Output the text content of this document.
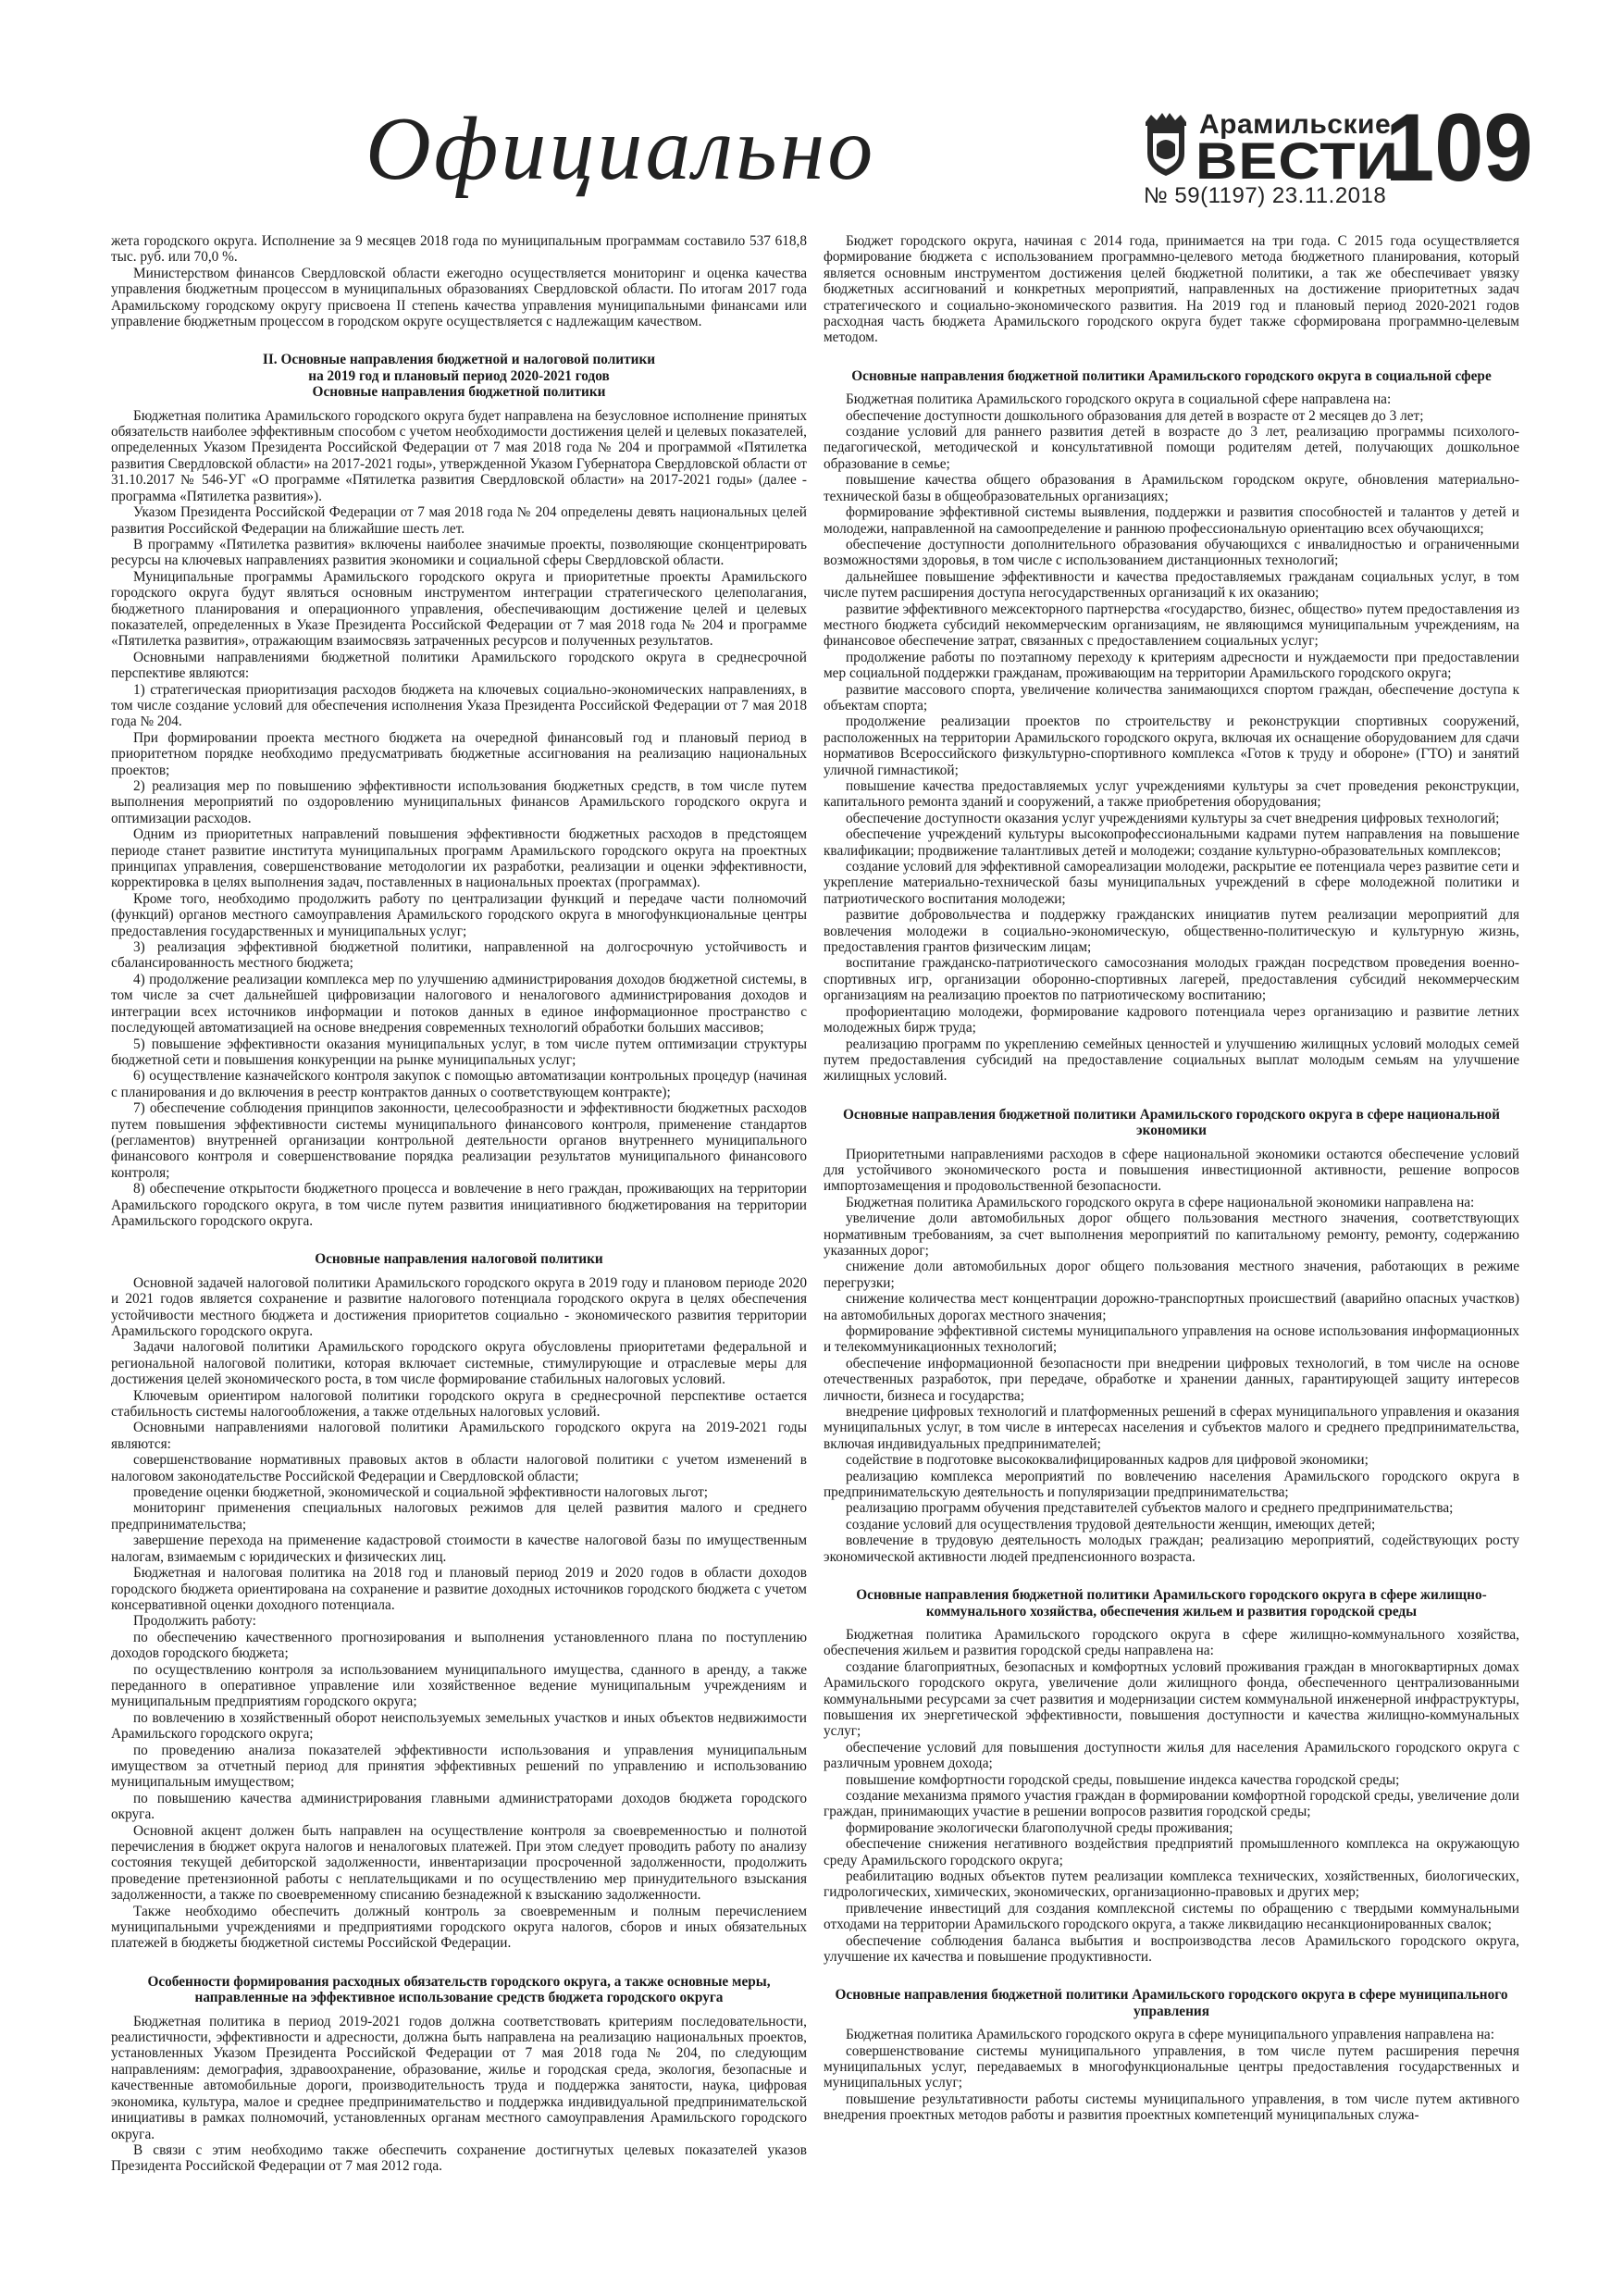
Официально	Арамильские
ВЕСТИ
109
№ 59(1197) 23.11.2018

жета городского округа. Исполнение за 9 месяцев 2018 года по муниципальным программам составило 537 618,8 тыс. руб. или 70,0 %.

Министерством финансов Свердловской области ежегодно осуществляется мониторинг и оценка качества управления бюджетным процессом в муниципальных образованиях Свердловской области. По итогам 2017 года Арамильскому городскому округу присвоена II степень качества управления муниципальными финансами или управление бюджетным процессом в городском округе осуществляется с надлежащим качеством.

II. Основные направления бюджетной и налоговой политики
на 2019 год и плановый период 2020-2021 годов
Основные направления бюджетной политики

Бюджетная политика Арамильского городского округа будет направлена на безусловное исполнение принятых обязательств наиболее эффективным способом с учетом необходимости достижения целей и целевых показателей, определенных Указом Президента Российской Федерации от 7 мая 2018 года № 204 и программой «Пятилетка развития Свердловской области» на 2017-2021 годы», утвержденной Указом Губернатора Свердловской области от 31.10.2017 № 546-УГ «О программе «Пятилетка развития Свердловской области» на 2017-2021 годы» (далее - программа «Пятилетка развития»).

Указом Президента Российской Федерации от 7 мая 2018 года № 204 определены девять национальных целей развития Российской Федерации на ближайшие шесть лет.

В программу «Пятилетка развития» включены наиболее значимые проекты, позволяющие сконцентрировать ресурсы на ключевых направлениях развития экономики и социальной сферы Свердловской области.

Муниципальные программы Арамильского городского округа и приоритетные проекты Арамильского городского округа будут являться основным инструментом интеграции стратегического целеполагания, бюджетного планирования и операционного управления, обеспечивающим достижение целей и целевых показателей, определенных в Указе Президента Российской Федерации от 7 мая 2018 года № 204 и программе «Пятилетка развития», отражающим взаимосвязь затраченных ресурсов и полученных результатов.

Основными направлениями бюджетной политики Арамильского городского округа в среднесрочной перспективе являются:

1) стратегическая приоритизация расходов бюджета на ключевых социально-экономических направлениях, в том числе создание условий для обеспечения исполнения Указа Президента Российской Федерации от 7 мая 2018 года № 204.

При формировании проекта местного бюджета на очередной финансовый год и плановый период в приоритетном порядке необходимо предусматривать бюджетные ассигнования на реализацию национальных проектов;

2) реализация мер по повышению эффективности использования бюджетных средств, в том числе путем выполнения мероприятий по оздоровлению муниципальных финансов Арамильского городского округа и оптимизации расходов.

Одним из приоритетных направлений повышения эффективности бюджетных расходов в предстоящем периоде станет развитие института муниципальных программ Арамильского городского округа на проектных принципах управления, совершенствование методологии их разработки, реализации и оценки эффективности, корректировка в целях выполнения задач, поставленных в национальных проектах (программах).

Кроме того, необходимо продолжить работу по централизации функций и передаче части полномочий (функций) органов местного самоуправления Арамильского городского округа в многофункциональные центры предоставления государственных и муниципальных услуг;

3) реализация эффективной бюджетной политики, направленной на долгосрочную устойчивость и сбалансированность местного бюджета;

4) продолжение реализации комплекса мер по улучшению администрирования доходов бюджетной системы, в том числе за счет дальнейшей цифровизации налогового и неналогового администрирования доходов и интеграции всех источников информации и потоков данных в единое информационное пространство с последующей автоматизацией на основе внедрения современных технологий обработки больших массивов;

5) повышение эффективности оказания муниципальных услуг, в том числе путем оптимизации структуры бюджетной сети и повышения конкуренции на рынке муниципальных услуг;

6) осуществление казначейского контроля закупок с помощью автоматизации контрольных процедур (начиная с планирования и до включения в реестр контрактов данных о соответствующем контракте);

7) обеспечение соблюдения принципов законности, целесообразности и эффективности бюджетных расходов путем повышения эффективности системы муниципального финансового контроля, применение стандартов (регламентов) внутренней организации контрольной деятельности органов внутреннего муниципального финансового контроля и совершенствование порядка реализации результатов муниципального финансового контроля;

8) обеспечение открытости бюджетного процесса и вовлечение в него граждан, проживающих на территории Арамильского городского округа, в том числе путем развития инициативного бюджетирования на территории Арамильского городского округа.

Основные направления налоговой политики

Основной задачей налоговой политики Арамильского городского округа в 2019 году и плановом периоде 2020 и 2021 годов является сохранение и развитие налогового потенциала городского округа в целях обеспечения устойчивости местного бюджета и достижения приоритетов социально - экономического развития территории Арамильского городского округа.

Задачи налоговой политики Арамильского городского округа обусловлены приоритетами федеральной и региональной налоговой политики, которая включает системные, стимулирующие и отраслевые меры для достижения целей экономического роста, в том числе формирование стабильных налоговых условий.

Ключевым ориентиром налоговой политики городского округа в среднесрочной перспективе остается стабильность системы налогообложения, а также отдельных налоговых условий.

Основными направлениями налоговой политики Арамильского городского округа на 2019-2021 годы являются:

совершенствование нормативных правовых актов в области налоговой политики с учетом изменений в налоговом законодательстве Российской Федерации и Свердловской области;

проведение оценки бюджетной, экономической и социальной эффективности налоговых льгот;

мониторинг применения специальных налоговых режимов для целей развития малого и среднего предпринимательства;

завершение перехода на применение кадастровой стоимости в качестве налоговой базы по имущественным налогам, взимаемым с юридических и физических лиц.

Бюджетная и налоговая политика на 2018 год и плановый период 2019 и 2020 годов в области доходов городского бюджета ориентирована на сохранение и развитие доходных источников городского бюджета с учетом консервативной оценки доходного потенциала.

Продолжить работу:

по обеспечению качественного прогнозирования и выполнения установленного плана по поступлению доходов городского бюджета;

по осуществлению контроля за использованием муниципального имущества, сданного в аренду, а также переданного в оперативное управление или хозяйственное ведение муниципальным учреждениям и муниципальным предприятиям городского округа;

по вовлечению в хозяйственный оборот неиспользуемых земельных участков и иных объектов недвижимости Арамильского городского округа;

по проведению анализа показателей эффективности использования и управления муниципальным имуществом за отчетный период для принятия эффективных решений по управлению и использованию муниципальным имуществом;

по повышению качества администрирования главными администраторами доходов бюджета городского округа.

Основной акцент должен быть направлен на осуществление контроля за своевременностью и полнотой перечисления в бюджет округа налогов и неналоговых платежей. При этом следует проводить работу по анализу состояния текущей дебиторской задолженности, инвентаризации просроченной задолженности, продолжить проведение претензионной работы с неплательщиками и по осуществлению мер принудительного взыскания задолженности, а также по своевременному списанию безнадежной к взысканию задолженности.

Также необходимо обеспечить должный контроль за своевременным и полным перечислением муниципальными учреждениями и предприятиями городского округа налогов, сборов и иных обязательных платежей в бюджеты бюджетной системы Российской Федерации.

Особенности формирования расходных обязательств городского округа, а также основные меры, направленные на эффективное использование средств бюджета городского округа

Бюджетная политика в период 2019-2021 годов должна соответствовать критериям последовательности, реалистичности, эффективности и адресности, должна быть направлена на реализацию национальных проектов, установленных Указом Президента Российской Федерации от 7 мая 2018 года № 204, по следующим направлениям: демография, здравоохранение, образование, жилье и городская среда, экология, безопасные и качественные автомобильные дороги, производительность труда и поддержка занятости, наука, цифровая экономика, культура, малое и среднее предпринимательство и поддержка индивидуальной предпринимательской инициативы в рамках полномочий, установленных органам местного самоуправления Арамильского городского округа.

В связи с этим необходимо также обеспечить сохранение достигнутых целевых показателей указов Президента Российской Федерации от 7 мая 2012 года.

Бюджет городского округа, начиная с 2014 года, принимается на три года. С 2015 года осуществляется формирование бюджета с использованием программно-целевого метода бюджетного планирования, который является основным инструментом достижения целей бюджетной политики, а так же обеспечивает увязку бюджетных ассигнований и конкретных мероприятий, направленных на достижение приоритетных задач стратегического и социально-экономического развития. На 2019 год и плановый период 2020-2021 годов расходная часть бюджета Арамильского городского округа будет также сформирована программно-целевым методом.

Основные направления бюджетной политики Арамильского городского округа в социальной сфере

Бюджетная политика Арамильского городского округа в социальной сфере направлена на:

обеспечение доступности дошкольного образования для детей в возрасте от 2 месяцев до 3 лет;

создание условий для раннего развития детей в возрасте до 3 лет, реализацию программы психолого-педагогической, методической и консультативной помощи родителям детей, получающих дошкольное образование в семье;

повышение качества общего образования в Арамильском городском округе, обновления материально-технической базы в общеобразовательных организациях;

формирование эффективной системы выявления, поддержки и развития способностей и талантов у детей и молодежи, направленной на самоопределение и раннюю профессиональную ориентацию всех обучающихся;

обеспечение доступности дополнительного образования обучающихся с инвалидностью и ограниченными возможностями здоровья, в том числе с использованием дистанционных технологий;

дальнейшее повышение эффективности и качества предоставляемых гражданам социальных услуг, в том числе путем расширения доступа негосударственных организаций к их оказанию;

развитие эффективного межсекторного партнерства «государство, бизнес, общество» путем предоставления из местного бюджета субсидий некоммерческим организациям, не являющимся муниципальным учреждениям, на финансовое обеспечение затрат, связанных с предоставлением социальных услуг;

продолжение работы по поэтапному переходу к критериям адресности и нуждаемости при предоставлении мер социальной поддержки гражданам, проживающим на территории Арамильского городского округа;

развитие массового спорта, увеличение количества занимающихся спортом граждан, обеспечение доступа к объектам спорта;

продолжение реализации проектов по строительству и реконструкции спортивных сооружений, расположенных на территории Арамильского городского округа, включая их оснащение оборудованием для сдачи нормативов Всероссийского физкультурно-спортивного комплекса «Готов к труду и обороне» (ГТО) и занятий уличной гимнастикой;

повышение качества предоставляемых услуг учреждениями культуры за счет проведения реконструкции, капитального ремонта зданий и сооружений, а также приобретения оборудования;

обеспечение доступности оказания услуг учреждениями культуры за счет внедрения цифровых технологий;

обеспечение учреждений культуры высокопрофессиональными кадрами путем направления на повышение квалификации; продвижение талантливых детей и молодежи; создание культурно-образовательных комплексов;

создание условий для эффективной самореализации молодежи, раскрытие ее потенциала через развитие сети и укрепление материально-технической базы муниципальных учреждений в сфере молодежной политики и патриотического воспитания молодежи;

развитие добровольчества и поддержку гражданских инициатив путем реализации мероприятий для вовлечения молодежи в социально-экономическую, общественно-политическую и культурную жизнь, предоставления грантов физическим лицам;

воспитание гражданско-патриотического самосознания молодых граждан посредством проведения военно-спортивных игр, организации оборонно-спортивных лагерей, предоставления субсидий некоммерческим организациям на реализацию проектов по патриотическому воспитанию;

профориентацию молодежи, формирование кадрового потенциала через организацию и развитие летних молодежных бирж труда;

реализацию программ по укреплению семейных ценностей и улучшению жилищных условий молодых семей путем предоставления субсидий на предоставление социальных выплат молодым семьям на улучшение жилищных условий.

Основные направления бюджетной политики Арамильского городского округа в сфере национальной экономики

Приоритетными направлениями расходов в сфере национальной экономики остаются обеспечение условий для устойчивого экономического роста и повышения инвестиционной активности, решение вопросов импортозамещения и продовольственной безопасности.

Бюджетная политика Арамильского городского округа в сфере национальной экономики направлена на:

увеличение доли автомобильных дорог общего пользования местного значения, соответствующих нормативным требованиям, за счет выполнения мероприятий по капитальному ремонту, ремонту, содержанию указанных дорог;

снижение доли автомобильных дорог общего пользования местного значения, работающих в режиме перегрузки;

снижение количества мест концентрации дорожно-транспортных происшествий (аварийно опасных участков) на автомобильных дорогах местного значения;

формирование эффективной системы муниципального управления на основе использования информационных и телекоммуникационных технологий;

обеспечение информационной безопасности при внедрении цифровых технологий, в том числе на основе отечественных разработок, при передаче, обработке и хранении данных, гарантирующей защиту интересов личности, бизнеса и государства;

внедрение цифровых технологий и платформенных решений в сферах муниципального управления и оказания муниципальных услуг, в том числе в интересах населения и субъектов малого и среднего предпринимательства, включая индивидуальных предпринимателей;

содействие в подготовке высококвалифицированных кадров для цифровой экономики;

реализацию комплекса мероприятий по вовлечению населения Арамильского городского округа в предпринимательскую деятельность и популяризации предпринимательства;

реализацию программ обучения представителей субъектов малого и среднего предпринимательства;

создание условий для осуществления трудовой деятельности женщин, имеющих детей;

вовлечение в трудовую деятельность молодых граждан; реализацию мероприятий, содействующих росту экономической активности людей предпенсионного возраста.

Основные направления бюджетной политики Арамильского городского округа в сфере жилищно-коммунального хозяйства, обеспечения жильем и развития городской среды

Бюджетная политика Арамильского городского округа в сфере жилищно-коммунального хозяйства, обеспечения жильем и развития городской среды направлена на:

создание благоприятных, безопасных и комфортных условий проживания граждан в многоквартирных домах Арамильского городского округа, увеличение доли жилищного фонда, обеспеченного централизованными коммунальными ресурсами за счет развития и модернизации систем коммунальной инженерной инфраструктуры, повышения их энергетической эффективности, повышения доступности и качества жилищно-коммунальных услуг;

обеспечение условий для повышения доступности жилья для населения Арамильского городского округа с различным уровнем дохода;

повышение комфортности городской среды, повышение индекса качества городской среды;

создание механизма прямого участия граждан в формировании комфортной городской среды, увеличение доли граждан, принимающих участие в решении вопросов развития городской среды;

формирование экологически благополучной среды проживания;

обеспечение снижения негативного воздействия предприятий промышленного комплекса на окружающую среду Арамильского городского округа;

реабилитацию водных объектов путем реализации комплекса технических, хозяйственных, биологических, гидрологических, химических, экономических, организационно-правовых и других мер;

привлечение инвестиций для создания комплексной системы по обращению с твердыми коммунальными отходами на территории Арамильского городского округа, а также ликвидацию несанкционированных свалок;

обеспечение соблюдения баланса выбытия и воспроизводства лесов Арамильского городского округа, улучшение их качества и повышение продуктивности.

Основные направления бюджетной политики Арамильского городского округа в сфере муниципального управления

Бюджетная политика Арамильского городского округа в сфере муниципального управления направлена на:

совершенствование системы муниципального управления, в том числе путем расширения перечня муниципальных услуг, передаваемых в многофункциональные центры предоставления государственных и муниципальных услуг;

повышение результативности работы системы муниципального управления, в том числе путем активного внедрения проектных методов работы и развития проектных компетенций муниципальных служа-
